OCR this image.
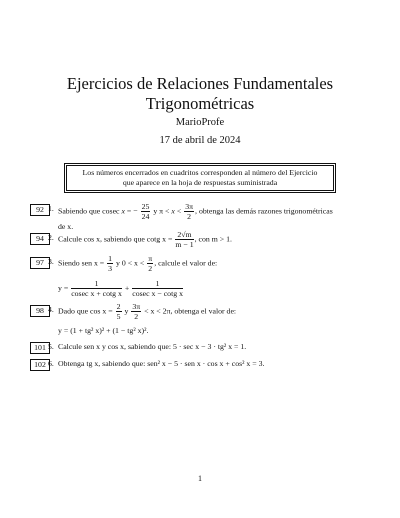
Ejercicios de Relaciones Fundamentales
Trigonométricas
MarioProfe
17 de abril de 2024
Los números encerrados en cuadritos corresponden al número del Ejercicio
que aparece en la hoja de respuestas suministrada
92 1. Sabiendo que cosec x = − $\frac{25}{24}$ y $\pi < x < \frac{3\pi}{2}$ , obtenga las demás razones trigonométricas
de x.
94 2. Calcule cos x, sabiendo que cotg $x = \frac{2√m}{m - 1}$ , con m > 1.
97 3. Siendo sen $x = \frac{1}{3}$ y $0 < x < \frac{\pi}{2}$ , calcule el valor de:
$y = \frac{1}{\text{cosec x + cotg x}} + \frac{1}{\text{cosec x − cotg x}}$
98 4. Dado que $\cos x = \frac{2}{5}$ y $\frac{3\pi}{2} < x < 2\pi$, obtenga el valor de:
y = (1 + tg² x)² + (1 − tg² x)².
101 5. Calcule sen x y cos x, sabiendo que: 5 · sec x − 3 · tg² x = 1.
102 6. Obtenga tg x, sabiendo que: sen² x − 5 · sen x · cos x + cos² x = 3.
1
